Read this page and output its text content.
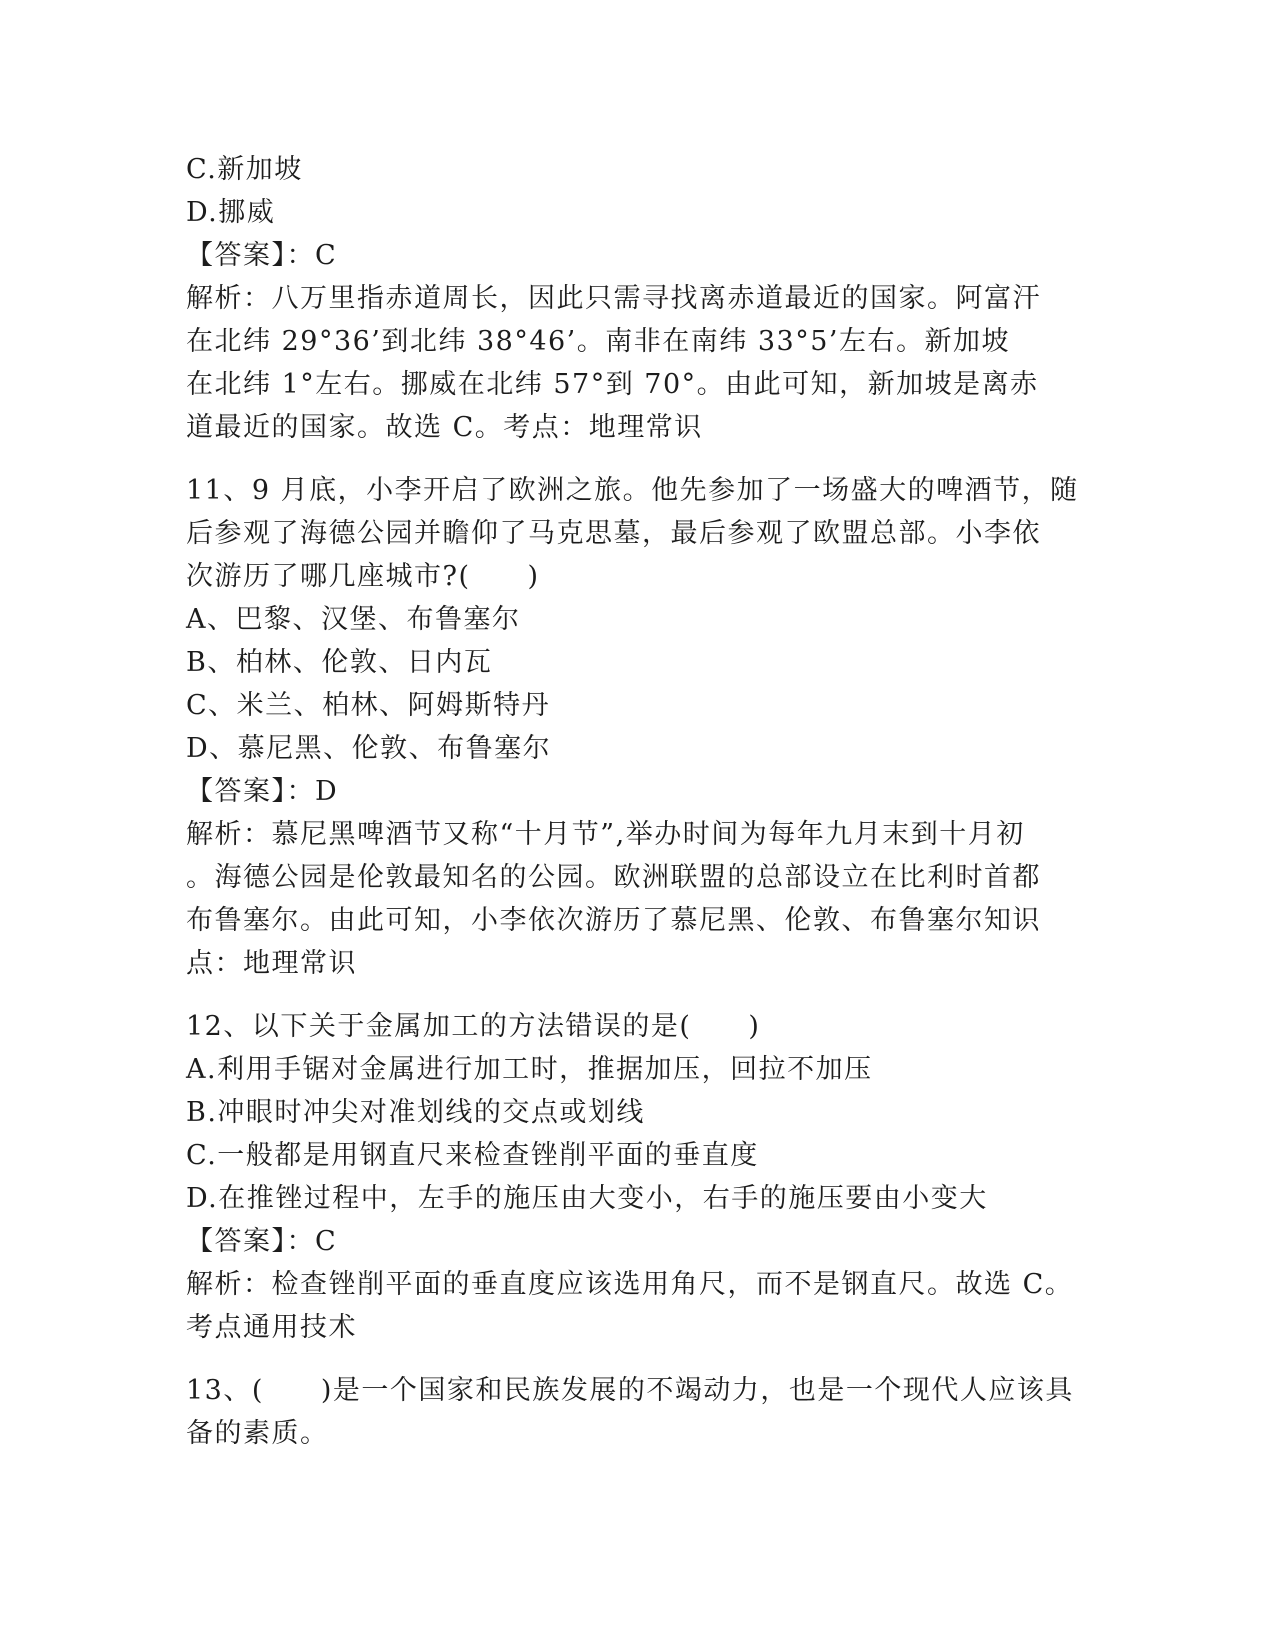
C.新加坡
D.挪威
【答案】：C
解析：八万里指赤道周长，因此只需寻找离赤道最近的国家。阿富汗
在北纬 29°36’到北纬 38°46’。南非在南纬 33°5’左右。新加坡
在北纬 1°左右。挪威在北纬 57°到 70°。由此可知，新加坡是离赤
道最近的国家。故选 C。考点：地理常识
11、9 月底，小李开启了欧洲之旅。他先参加了一场盛大的啤酒节，随
后参观了海德公园并瞻仰了马克思墓，最后参观了欧盟总部。小李依
次游历了哪几座城市?(　　)
A、巴黎、汉堡、布鲁塞尔
B、柏林、伦敦、日内瓦
C、米兰、柏林、阿姆斯特丹
D、慕尼黑、伦敦、布鲁塞尔
【答案】：D
解析：慕尼黑啤酒节又称“十月节”,举办时间为每年九月末到十月初
。海德公园是伦敦最知名的公园。欧洲联盟的总部设立在比利时首都
布鲁塞尔。由此可知，小李依次游历了慕尼黑、伦敦、布鲁塞尔知识
点：地理常识
12、以下关于金属加工的方法错误的是(　　)
A.利用手锯对金属进行加工时，推据加压，回拉不加压
B.冲眼时冲尖对准划线的交点或划线
C.一般都是用钢直尺来检查锉削平面的垂直度
D.在推锉过程中，左手的施压由大变小，右手的施压要由小变大
【答案】：C
解析：检查锉削平面的垂直度应该选用角尺，而不是钢直尺。故选 C。
考点通用技术
13、(　　)是一个国家和民族发展的不竭动力，也是一个现代人应该具
备的素质。
